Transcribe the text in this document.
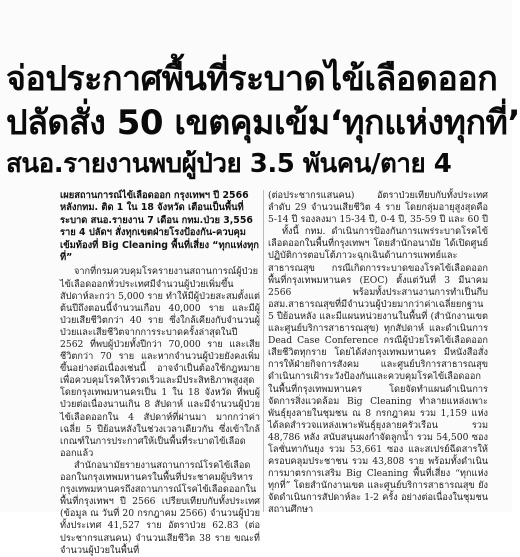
จ่อประกาศพื้นที่ระบาดไข้เลือดออก
ปลัดสั่ง 50 เขตคุมเข้ม‘ทุกแห่งทุกที่’
สนอ.รายงานพบผู้ป่วย 3.5 พันคน/ตาย 4

เผยสถานการณ์ไข้เลือดออก กรุงเทพฯ ปี 2566 หลังกทม. ติด 1 ใน 18 จังหวัด เตือนเป็นพื้นที่ระบาด สนอ.รายงาน 7 เดือน กทม.ป่วย 3,556 ราย 4 ปลัดฯ สั่งทุกเขตฝ่ายโรงป้องกัน-ควบคุมเข้มท้องที่ Big Cleaning พื้นที่เสี่ยง “ทุกแห่งทุกที่”

จากที่กรมควบคุมโรครายงานสถานการณ์ผู้ป่วยไข้เลือดออกทั่วประเทศมีจำนวนผู้ป่วยเพิ่มขึ้นสัปดาห์ละกว่า 5,000 ราย ทำให้มีผู้ป่วยสะสมตั้งแต่ต้นปีถึงตอนนี้จำนวนเกือบ 40,000 ราย และมีผู้ป่วยเสียชีวิตกว่า 40 ราย ซึ่งใกล้เคียงกับจำนวนผู้ป่วยและเสียชีวิตจากการระบาดครั้งล่าสุดในปี 2562 ที่พบผู้ป่วยทั้งปีกว่า 70,000 ราย และเสียชีวิตกว่า 70 ราย และหากจำนวนผู้ป่วยยังคงเพิ่มขึ้นอย่างต่อเนื่องเช่นนี้ อาจจำเป็นต้องใช้กฎหมายเพื่อควบคุมโรคให้รวดเร็วและมีประสิทธิภาพสูงสุด โดยกรุงเทพมหานครเป็น 1 ใน 18 จังหวัด ที่พบผู้ป่วยต่อเนื่องนานเกิน 8 สัปดาห์ และมีจำนวนผู้ป่วยไข้เลือดออกใน 4 สัปดาห์ที่ผ่านมา มากกว่าค่าเฉลี่ย 5 ปีย้อนหลังในช่วงเวลาเดียวกัน ซึ่งเข้าใกล้เกณฑ์ในการประกาศให้เป็นพื้นที่ระบาดไข้เลือดออกแล้ว

สำนักอนามัยรายงานสถานการณ์โรคไข้เลือดออกในกรุงเทพมหานครในพื้นที่ประชาคมผู้บริหารกรุงเทพมหานครถึงสถานการณ์โรคไข้เลือดออกในพื้นที่กรุงเทพฯ ปี 2566 เปรียบเทียบกับทั้งประเทศ (ข้อมูล ณ วันที่ 20 กรกฎาคม 2566) จำนวนผู้ป่วยทั้งประเทศ 41,527 ราย อัตราป่วย 62.83 (ต่อประชากรแสนคน) จำนวนเสียชีวิต 38 ราย ขณะที่จำนวนผู้ป่วยในพื้นที่

(ต่อประชากรแสนคน) อัตราป่วยเทียบกับทั้งประเทศลำดับ 29 จำนวนเสียชีวิต 4 ราย โดยกลุ่มอายุสูงสุดคือ 5-14 ปี รองลงมา 15-34 ปี, 0-4 ปี, 35-59 ปี และ 60 ปี

ทั้งนี้ กทม. ดำเนินการป้องกันการแพร่ระบาดโรคไข้เลือดออกในพื้นที่กรุงเทพฯ โดยสำนักอนามัย ได้เปิดศูนย์ปฏิบัติการตอบโต้ภาวะฉุกเฉินด้านการแพทย์และสาธารณสุข กรณีเกิดการระบาดของโรคไข้เลือดออกพื้นที่กรุงเทพมหานคร (EOC) ตั้งแต่วันที่ 3 มีนาคม 2566 พร้อมทั้งประสานงานการทำเป็นกีบ อสม.สาธารณสุขที่มีจำนวนผู้ป่วยมากว่าค่าเฉลี่ยยกฐาน 5 ปีย้อนหลัง และมีแผนหน่วยงานในพื้นที่ (สำนักงานเขต และศูนย์บริการสาธารณสุข) ทุกสัปดาห์ และดำเนินการ Dead Case Conference กรณีผู้ป่วยโรคไข้เลือดออกเสียชีวิตทุกราย โดยได้ส่งกรุงเทพมหานคร มีหนังสือสั่งการให้ฝ่ายกิจการสังคม และศูนย์บริการสาธารณสุข ดำเนินการเฝ้าระวังป้องกันและควบคุมโรคไข้เลือดออกในพื้นที่กรุงเทพมหานคร โดยจัดทำแผนดำเนินการจัดการสิ่งแวดล้อม Big Cleaning ทำลายแหล่งเพาะพันธุ์ยุงลายในชุมชน ณ 8 กรกฎาคม รวม 1,159 แห่ง ได้ลดสำรวจแหล่งเพาะพันธุ์ยุงลายครัวเรือน รวม 48,786 หลัง สนับสนุนผงกำจัดลูกน้ำ รวม 54,500 ซอง โลชั่นทากันยุง รวม 53,661 ซอง และสเปรย์ฉีดสารให้ครอบคลุมประชาชน รวม 43,808 ราย พร้อมทั้งดำเนินการมาตรการเสริม Big Cleaning พื้นที่เสี่ยง “ทุกแห่งทุกที่” โดยสำนักงานเขต และศูนย์บริการสาธารณสุข ยังจัดดำเนินการสัปดาห์ละ 1-2 ครั้ง อย่างต่อเนื่องในชุมชน สถานศึกษา
